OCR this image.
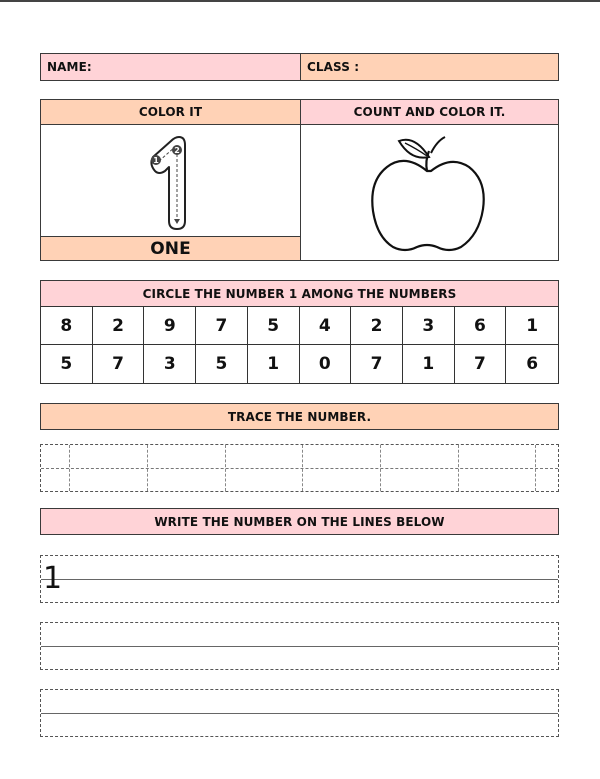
NAME:	CLASS :
COLOR IT	COUNT AND COLOR IT.
1
2
ONE
CIRCLE THE NUMBER 1 AMONG THE NUMBERS
8	2	9	7	5	4	2	3	6	1
5	7	3	5	1	0	7	1	7	6
TRACE THE NUMBER.
WRITE THE NUMBER ON THE LINES BELOW
1
